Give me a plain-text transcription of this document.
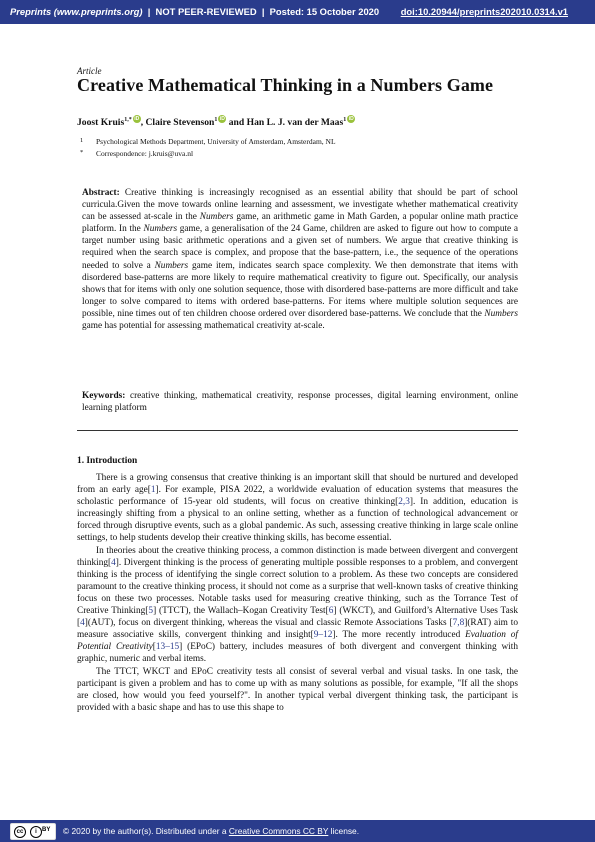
Preprints (www.preprints.org) | NOT PEER-REVIEWED | Posted: 15 October 2020 doi:10.20944/preprints202010.0314.v1
Article
Creative Mathematical Thinking in a Numbers Game
Joost Kruis$^{1,*}$ iD , Claire Stevenson$^1$ iD and Han L. J. van der Maas$^1$ iD
1 Psychological Methods Department, University of Amsterdam, Amsterdam, NL
* Correspondence: j.kruis@uva.nl
Abstract: Creative thinking is increasingly recognised as an essential ability that should be part of school curricula.Given the move towards online learning and assessment, we investigate whether mathematical creativity can be assessed at-scale in the Numbers game, an arithmetic game in Math Garden, a popular online math practice platform. In the Numbers game, a generalisation of the 24 Game, children are asked to figure out how to compute a target number using basic arithmetic operations and a given set of numbers. We argue that creative thinking is required when the search space is complex, and propose that the base-pattern, i.e., the sequence of the operations needed to solve a Numbers game item, indicates search space complexity. We then demonstrate that items with disordered base-patterns are more likely to require mathematical creativity to figure out. Specifically, our analysis shows that for items with only one solution sequence, those with disordered base-patterns are more difficult and take longer to solve compared to items with ordered base-patterns. For items where multiple solution sequences are possible, nine times out of ten children choose ordered over disordered base-patterns. We conclude that the Numbers game has potential for assessing mathematical creativity at-scale.
Keywords: creative thinking, mathematical creativity, response processes, digital learning environment, online learning platform
1. Introduction

There is a growing consensus that creative thinking is an important skill that should be nurtured and developed from an early age[1]. For example, PISA 2022, a worldwide evaluation of education systems that measures the scholastic performance of 15-year old students, will focus on creative thinking[2,3]. In addition, education is increasingly shifting from a physical to an online setting, whether as a function of technological advancement or forced through disruptive events, such as a global pandemic. As such, assessing creative thinking in large scale online settings, to help students develop their creative thinking skills, has become essential.

In theories about the creative thinking process, a common distinction is made between divergent and convergent thinking[4]. Divergent thinking is the process of generating multiple possible responses to a problem, and convergent thinking is the process of identifying the single correct solution to a problem. As these two concepts are considered paramount to the creative thinking process, it should not come as a surprise that well-known tasks of creative thinking focus on these two processes. Notable tasks used for measuring creative thinking, such as the Torrance Test of Creative Thinking[5] (TTCT), the Wallach–Kogan Creativity Test[6] (WKCT), and Guilford’s Alternative Uses Task [4](AUT), focus on divergent thinking, whereas the visual and classic Remote Associations Tasks [7,8](RAT) aim to measure associative skills, convergent thinking and insight[9–12]. The more recently introduced Evaluation of Potential Creativity[13–15] (EPoC) battery, includes measures of both divergent and convergent thinking with graphic, numeric and verbal items.

The TTCT, WKCT and EPoC creativity tests all consist of several verbal and visual tasks. In one task, the participant is given a problem and has to come up with as many solutions as possible, for example, "If all the shops are closed, how would you feed yourself?". In another typical verbal divergent thinking task, the participant is provided with a basic shape and has to use this shape to

cc	i BY © 2020 by the author(s). Distributed under a Creative Commons CC BY license.
